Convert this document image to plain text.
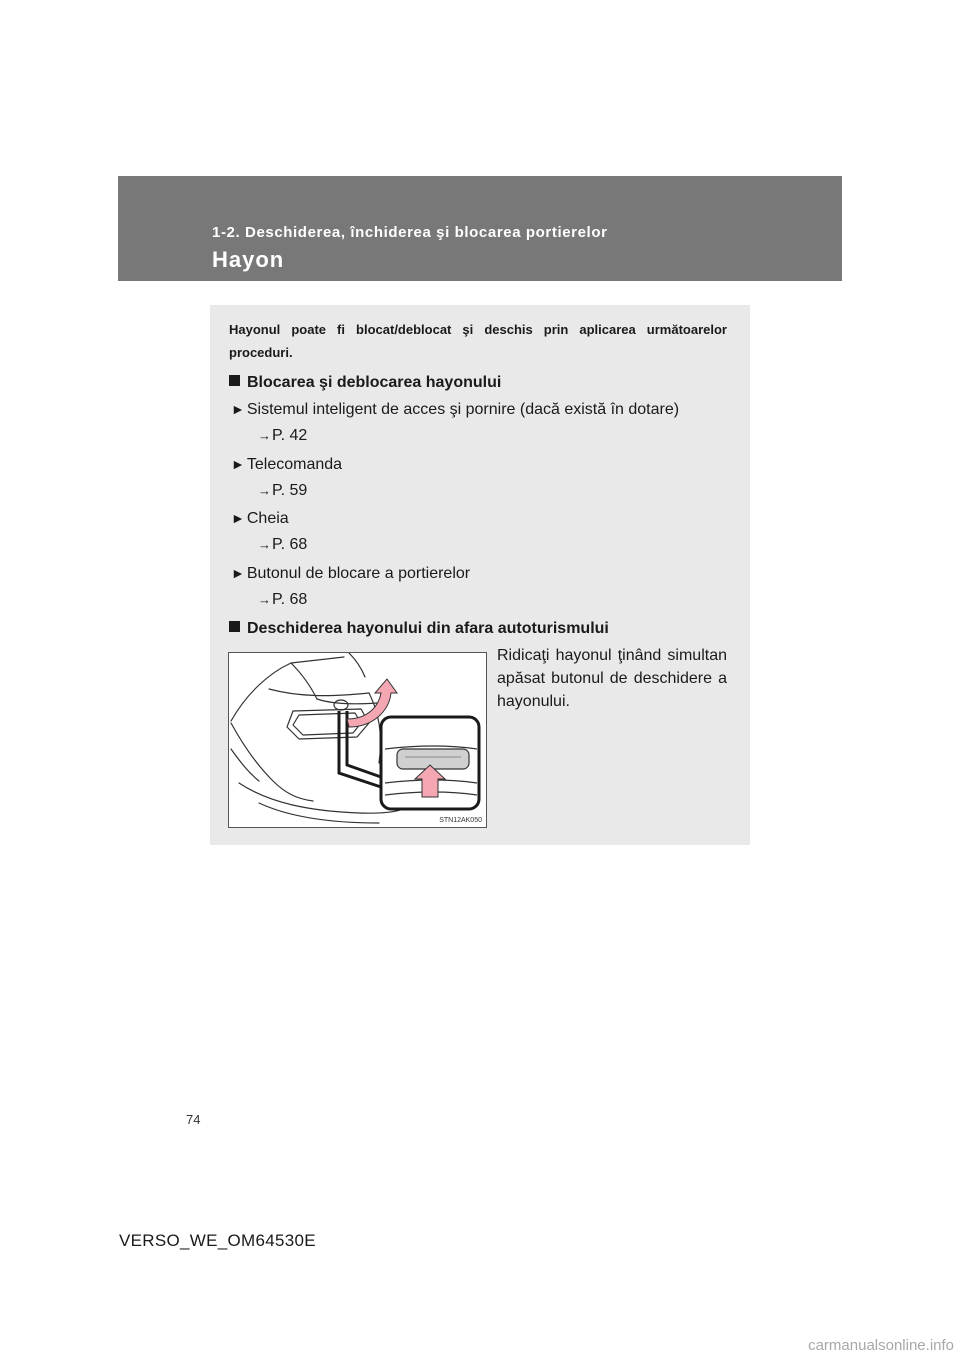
1-2. Deschiderea, închiderea şi blocarea portierelor
Hayon

Hayonul poate fi blocat/deblocat şi deschis prin aplicarea următoarelor proceduri.

Blocarea şi deblocarea hayonului
► Sistemul inteligent de acces şi pornire (dacă există în dotare)
→P. 42
► Telecomanda
→P. 59
► Cheia
→P. 68
► Butonul de blocare a portierelor
→P. 68
Deschiderea hayonului din afara autoturismului
STN12AK050

Ridicaţi hayonul ţinând simultan apăsat butonul de deschidere a hayonului.

74
VERSO_WE_OM64530E
carmanualsonline.info
